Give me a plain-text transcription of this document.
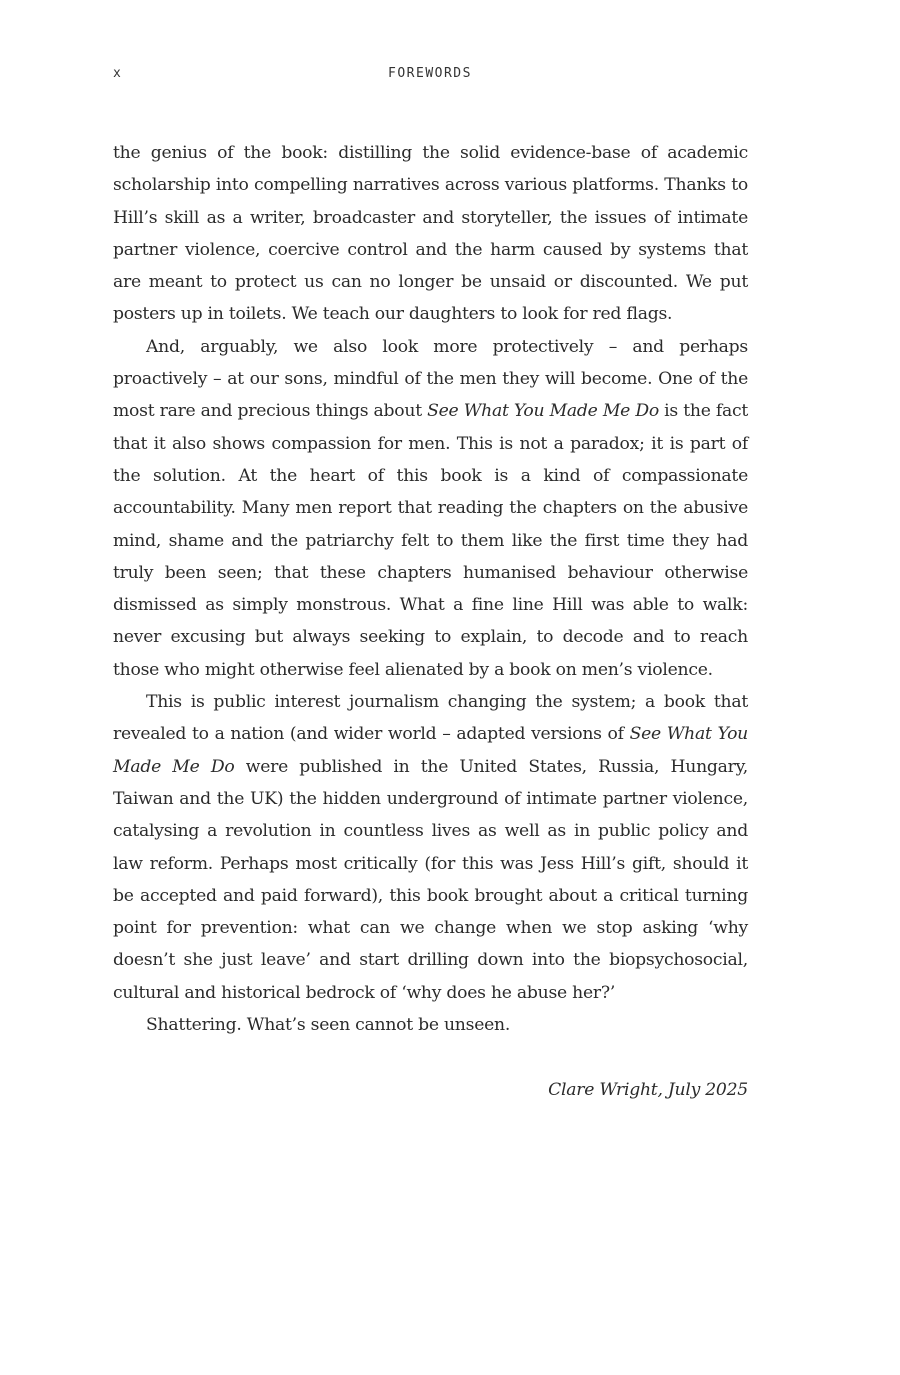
x	FOREWORDS

the genius of the book: distilling the solid evidence-base of academic scholarship into compelling narratives across various platforms. Thanks to Hill’s skill as a writer, broadcaster and storyteller, the issues of intimate partner violence, coercive control and the harm caused by systems that are meant to protect us can no longer be unsaid or discounted. We put posters up in toilets. We teach our daughters to look for red flags.

And, arguably, we also look more protectively – and perhaps proactively – at our sons, mindful of the men they will become. One of the most rare and precious things about See What You Made Me Do is the fact that it also shows compassion for men. This is not a paradox; it is part of the solution. At the heart of this book is a kind of compassionate accountability. Many men report that reading the chapters on the abusive mind, shame and the patriarchy felt to them like the first time they had truly been seen; that these chapters humanised behaviour otherwise dismissed as simply monstrous. What a fine line Hill was able to walk: never excusing but always seeking to explain, to decode and to reach those who might otherwise feel alienated by a book on men’s violence.

This is public interest journalism changing the system; a book that revealed to a nation (and wider world – adapted versions of See What You Made Me Do were published in the United States, Russia, Hungary, Taiwan and the UK) the hidden underground of intimate partner violence, catalysing a revolution in countless lives as well as in public policy and law reform. Perhaps most critically (for this was Jess Hill’s gift, should it be accepted and paid forward), this book brought about a critical turning point for prevention: what can we change when we stop asking ‘why doesn’t she just leave’ and start drilling down into the biopsychosocial, cultural and historical bedrock of ‘why does he abuse her?’

Shattering. What’s seen cannot be unseen.

Clare Wright, July 2025
